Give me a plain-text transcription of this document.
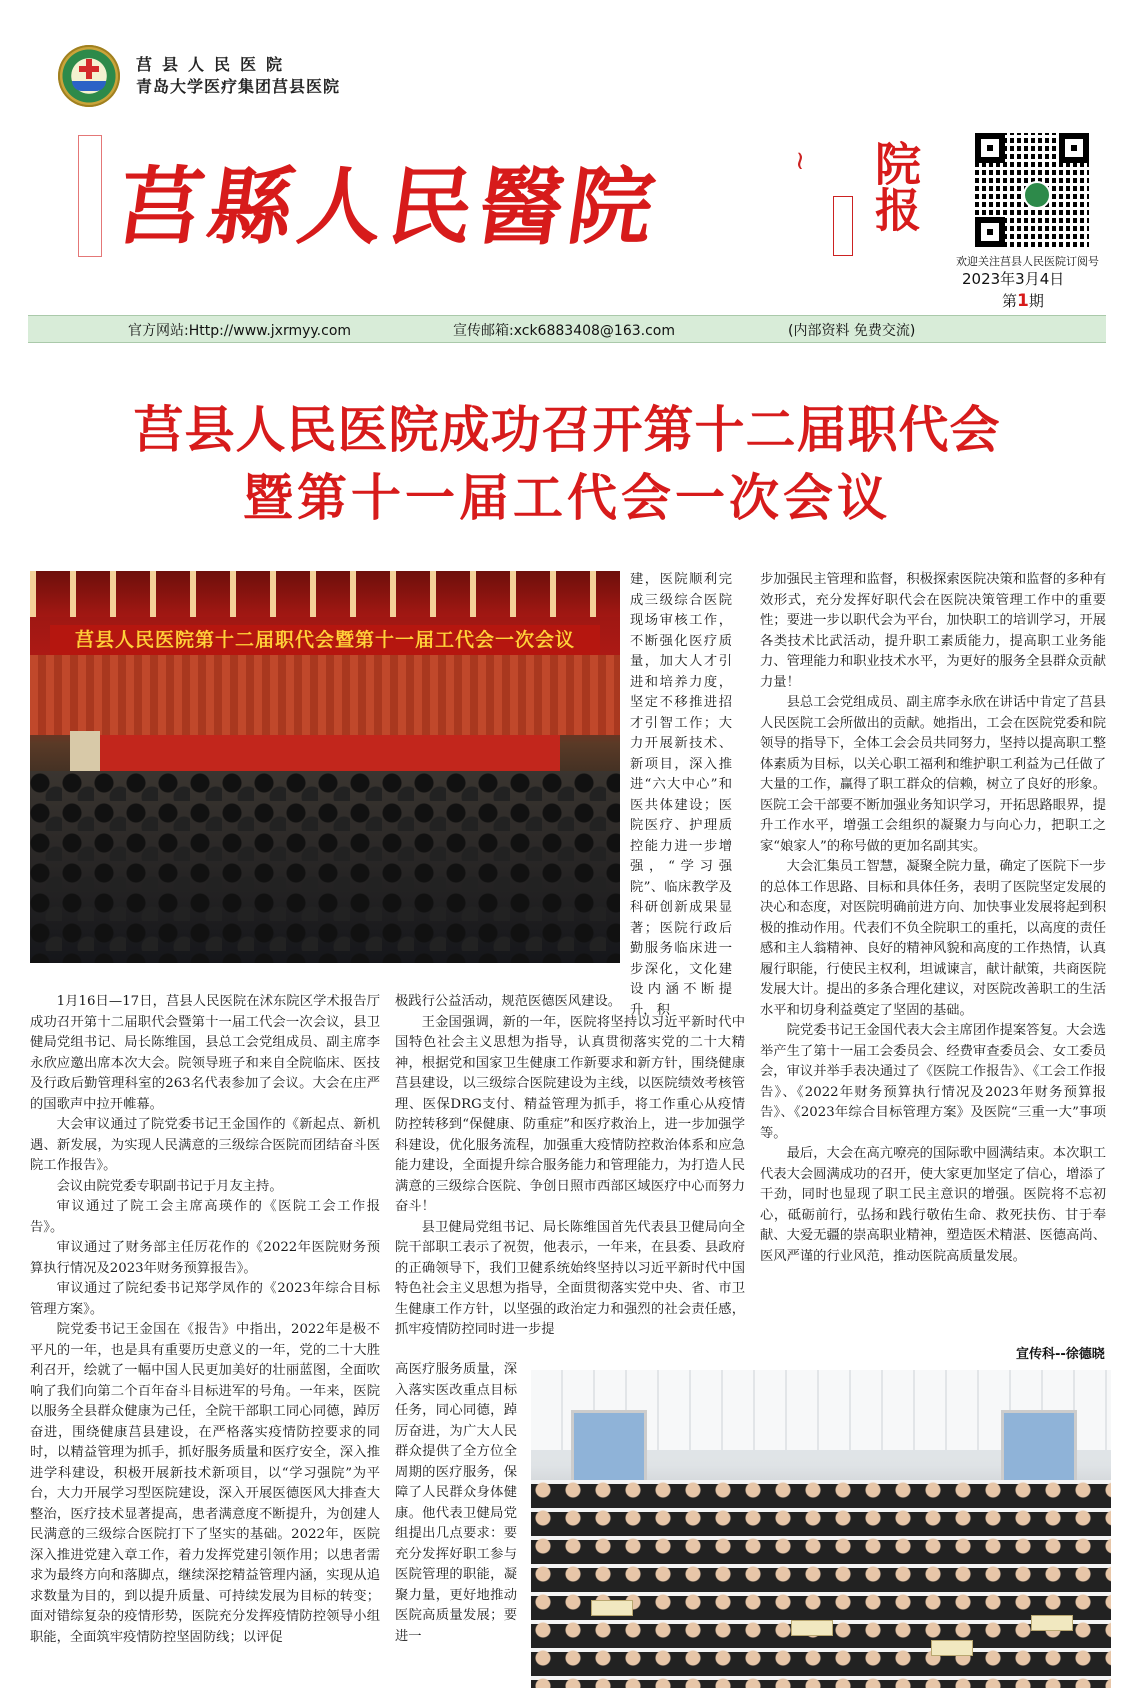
莒县人民医院
青岛大学医疗集团莒县医院
莒縣人民醫院	~ 院报
欢迎关注莒县人民医院订阅号
2023年3月4日
第1期
官方网站:Http://www.jxrmyy.com	宣传邮箱:xck6883408@163.com	(内部资料 免费交流)
莒县人民医院成功召开第十二届职代会
暨第十一届工代会一次会议
莒县人民医院第十二届职代会暨第十一届工代会一次会议

建，医院顺利完成三级综合医院现场审核工作，不断强化医疗质量，加大人才引进和培养力度，坚定不移推进招才引智工作；大力开展新技术、新项目，深入推进“六大中心”和医共体建设；医院医疗、护理质控能力进一步增强，“学习强院”、临床教学及科研创新成果显著；医院行政后勤服务临床进一步深化，文化建设内涵不断提升，积

1月16日—17日，莒县人民医院在沭东院区学术报告厅成功召开第十二届职代会暨第十一届工代会一次会议，县卫健局党组书记、局长陈维国，县总工会党组成员、副主席李永欣应邀出席本次大会。院领导班子和来自全院临床、医技及行政后勤管理科室的263名代表参加了会议。大会在庄严的国歌声中拉开帷幕。

大会审议通过了院党委书记王金国作的《新起点、新机遇、新发展，为实现人民满意的三级综合医院而团结奋斗医院工作报告》。

会议由院党委专职副书记于月友主持。

审议通过了院工会主席高瑛作的《医院工会工作报告》。

审议通过了财务部主任厉花作的《2022年医院财务预算执行情况及2023年财务预算报告》。

审议通过了院纪委书记郑学凤作的《2023年综合目标管理方案》。

院党委书记王金国在《报告》中指出，2022年是极不平凡的一年，也是具有重要历史意义的一年，党的二十大胜利召开，绘就了一幅中国人民更加美好的壮丽蓝图，全面吹响了我们向第二个百年奋斗目标进军的号角。一年来，医院以服务全县群众健康为己任，全院干部职工同心同德，踔厉奋进，围绕健康莒县建设，在严格落实疫情防控要求的同时，以精益管理为抓手，抓好服务质量和医疗安全，深入推进学科建设，积极开展新技术新项目，以“学习强院”为平台，大力开展学习型医院建设，深入开展医德医风大排查大整治，医疗技术显著提高，患者满意度不断提升，为创建人民满意的三级综合医院打下了坚实的基础。2022年，医院深入推进党建入章工作，着力发挥党建引领作用；以患者需求为最终方向和落脚点，继续深挖精益管理内涵，实现从追求数量为目的，到以提升质量、可持续发展为目标的转变；面对错综复杂的疫情形势，医院充分发挥疫情防控领导小组职能，全面筑牢疫情防控坚固防线；以评促

极践行公益活动，规范医德医风建设。

王金国强调，新的一年，医院将坚持以习近平新时代中国特色社会主义思想为指导，认真贯彻落实党的二十大精神，根据党和国家卫生健康工作新要求和新方针，围绕健康莒县建设，以三级综合医院建设为主线，以医院绩效考核管理、医保DRG支付、精益管理为抓手，将工作重心从疫情防控转移到“保健康、防重症”和医疗救治上，进一步加强学科建设，优化服务流程，加强重大疫情防控救治体系和应急能力建设，全面提升综合服务能力和管理能力，为打造人民满意的三级综合医院、争创日照市西部区域医疗中心而努力奋斗！

县卫健局党组书记、局长陈维国首先代表县卫健局向全院干部职工表示了祝贺，他表示，一年来，在县委、县政府的正确领导下，我们卫健系统始终坚持以习近平新时代中国特色社会主义思想为指导，全面贯彻落实党中央、省、市卫生健康工作方针，以坚强的政治定力和强烈的社会责任感，抓牢疫情防控同时进一步提

高医疗服务质量，深入落实医改重点目标任务，同心同德，踔厉奋进，为广大人民群众提供了全方位全周期的医疗服务，保障了人民群众身体健康。他代表卫健局党组提出几点要求：要充分发挥好职工参与医院管理的职能，凝聚力量，更好地推动医院高质量发展；要进一

步加强民主管理和监督，积极探索医院决策和监督的多种有效形式，充分发挥好职代会在医院决策管理工作中的重要性；要进一步以职代会为平台，加快职工的培训学习，开展各类技术比武活动，提升职工素质能力，提高职工业务能力、管理能力和职业技术水平，为更好的服务全县群众贡献力量！

县总工会党组成员、副主席李永欣在讲话中肯定了莒县人民医院工会所做出的贡献。她指出，工会在医院党委和院领导的指导下，全体工会会员共同努力，坚持以提高职工整体素质为目标，以关心职工福利和维护职工利益为己任做了大量的工作，赢得了职工群众的信赖，树立了良好的形象。医院工会干部要不断加强业务知识学习，开拓思路眼界，提升工作水平，增强工会组织的凝聚力与向心力，把职工之家“娘家人”的称号做的更加名副其实。

大会汇集员工智慧，凝聚全院力量，确定了医院下一步的总体工作思路、目标和具体任务，表明了医院坚定发展的决心和态度，对医院明确前进方向、加快事业发展将起到积极的推动作用。代表们不负全院职工的重托，以高度的责任感和主人翁精神、良好的精神风貌和高度的工作热情，认真履行职能，行使民主权利，坦诚谏言，献计献策，共商医院发展大计。提出的多条合理化建议，对医院改善职工的生活水平和切身利益奠定了坚固的基础。

院党委书记王金国代表大会主席团作提案答复。大会选举产生了第十一届工会委员会、经费审查委员会、女工委员会，审议并举手表决通过了《医院工作报告》、《工会工作报告》、《2022年财务预算执行情况及2023年财务预算报告》、《2023年综合目标管理方案》及医院“三重一大”事项等。

最后，大会在高亢嘹亮的国际歌中圆满结束。本次职工代表大会圆满成功的召开，使大家更加坚定了信心，增添了干劲，同时也显现了职工民主意识的增强。医院将不忘初心，砥砺前行，弘扬和践行敬佑生命、救死扶伤、甘于奉献、大爱无疆的崇高职业精神，塑造医术精湛、医德高尚、医风严谨的行业风范，推动医院高质量发展。

宣传科--徐德晓
